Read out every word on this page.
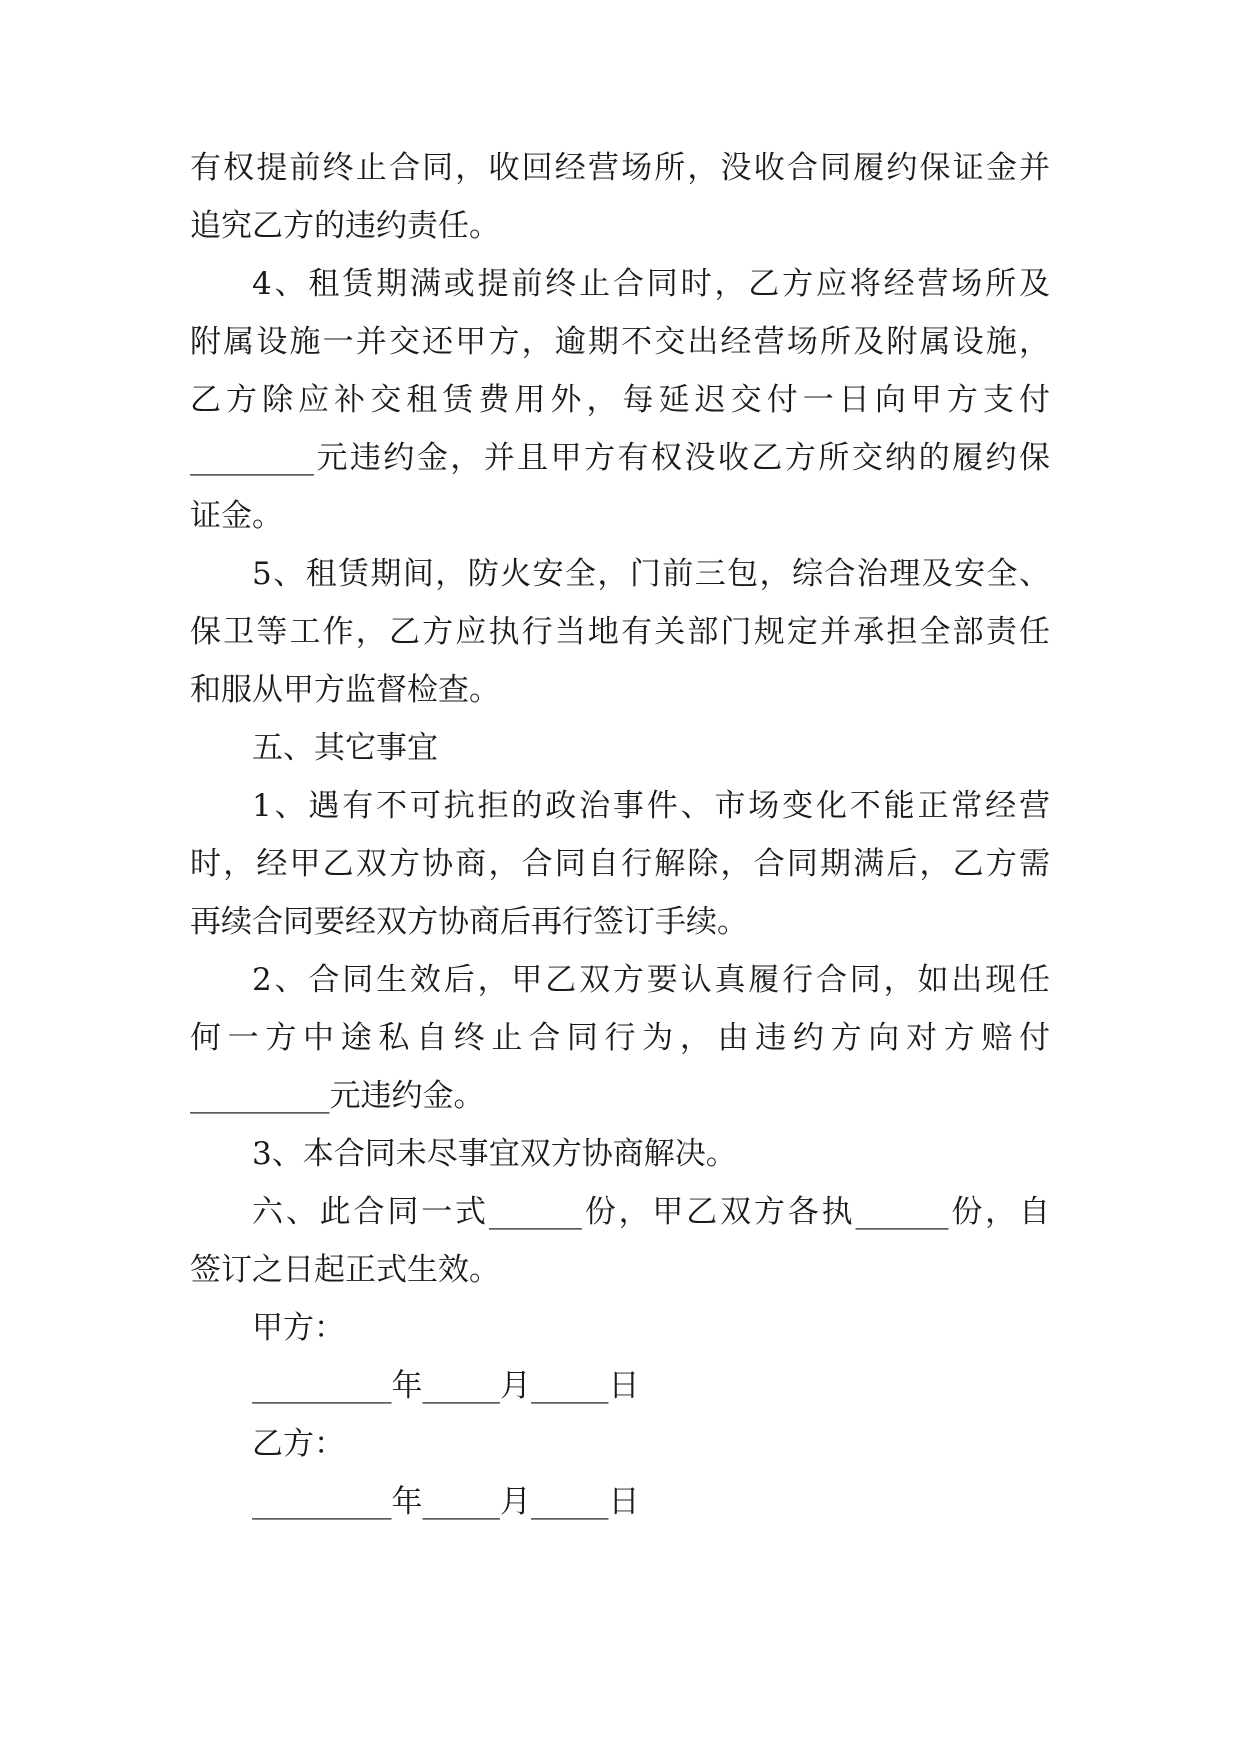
有权提前终止合同，收回经营场所，没收合同履约保证金并
追究乙方的违约责任。
4、租赁期满或提前终止合同时，乙方应将经营场所及
附属设施一并交还甲方，逾期不交出经营场所及附属设施，
乙方除应补交租赁费用外，每延迟交付一日向甲方支付
________元违约金，并且甲方有权没收乙方所交纳的履约保
证金。
5、租赁期间，防火安全，门前三包，综合治理及安全、
保卫等工作，乙方应执行当地有关部门规定并承担全部责任
和服从甲方监督检查。
五、其它事宜
1、遇有不可抗拒的政治事件、市场变化不能正常经营
时，经甲乙双方协商，合同自行解除，合同期满后，乙方需
再续合同要经双方协商后再行签订手续。
2、合同生效后，甲乙双方要认真履行合同，如出现任
何一方中途私自终止合同行为，由违约方向对方赔付
_________元违约金。
3、本合同未尽事宜双方协商解决。
六、此合同一式______份，甲乙双方各执______份，自
签订之日起正式生效。
甲方：
_________年_____月_____日
乙方：
_________年_____月_____日
